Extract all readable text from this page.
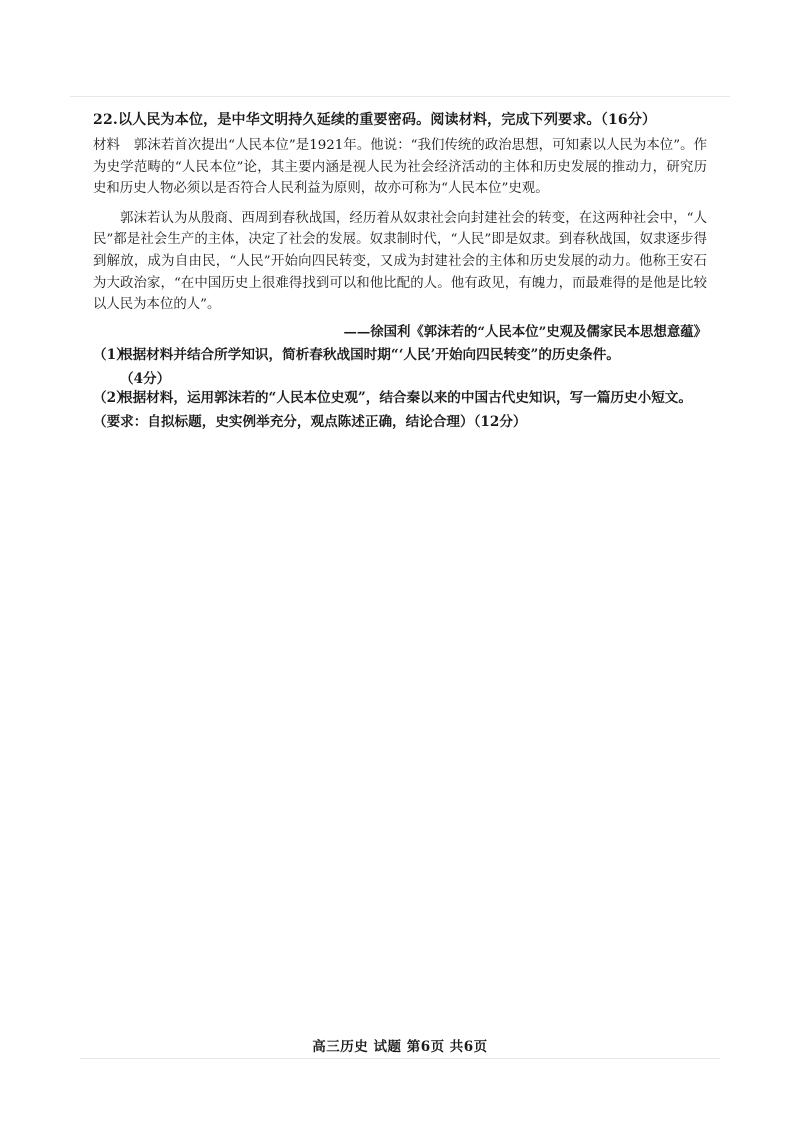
22.以人民为本位，是中华文明持久延续的重要密码。阅读材料，完成下列要求。（16分）

材料 郭沫若首次提出“人民本位”是1921年。他说：“我们传统的政治思想，可知素以人民为本位”。作为史学范畴的“人民本位”论，其主要内涵是视人民为社会经济活动的主体和历史发展的推动力，研究历史和历史人物必须以是否符合人民利益为原则，故亦可称为“人民本位”史观。

郭沫若认为从殷商、西周到春秋战国，经历着从奴隶社会向封建社会的转变，在这两种社会中，“人民”都是社会生产的主体，决定了社会的发展。奴隶制时代，“人民”即是奴隶。到春秋战国，奴隶逐步得到解放，成为自由民，“人民”开始向四民转变，又成为封建社会的主体和历史发展的动力。他称王安石为大政治家，“在中国历史上很难得找到可以和他比配的人。他有政见，有魄力，而最难得的是他是比较以人民为本位的人”。

——徐国利《郭沫若的“人民本位”史观及儒家民本思想意蕴》
（1）根据材料并结合所学知识，简析春秋战国时期“‘人民’开始向四民转变”的历史条件。
（4分）
（2）根据材料，运用郭沫若的“人民本位史观”，结合秦以来的中国古代史知识，写一篇历史小短文。（要求：自拟标题，史实例举充分，观点陈述正确，结论合理）（12分）
高三历史 试题 第6页 共6页
